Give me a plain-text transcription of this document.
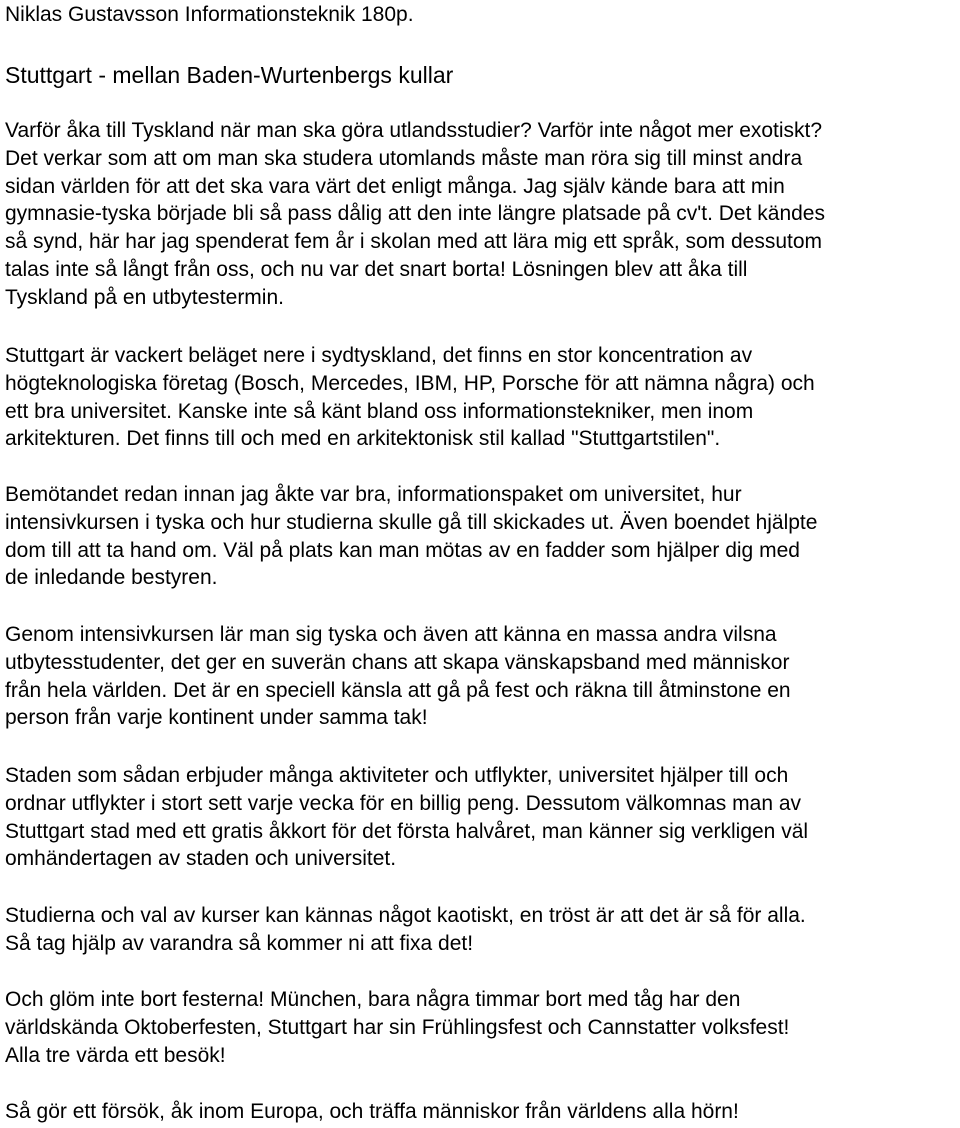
Niklas Gustavsson Informationsteknik 180p.
Stuttgart - mellan Baden-Wurtenbergs kullar
Varför åka till Tyskland när man ska göra utlandsstudier? Varför inte något mer exotiskt?
Det verkar som att om man ska studera utomlands måste man röra sig till minst andra
sidan världen för att det ska vara värt det enligt många. Jag själv kände bara att min
gymnasie-tyska började bli så pass dålig att den inte längre platsade på cv't. Det kändes
så synd, här har jag spenderat fem år i skolan med att lära mig ett språk, som dessutom
talas inte så långt från oss, och nu var det snart borta! Lösningen blev att åka till
Tyskland på en utbytestermin.
Stuttgart är vackert beläget nere i sydtyskland, det finns en stor koncentration av
högteknologiska företag (Bosch, Mercedes, IBM, HP, Porsche för att nämna några) och
ett bra universitet. Kanske inte så känt bland oss informationstekniker, men inom
arkitekturen. Det finns till och med en arkitektonisk stil kallad "Stuttgartstilen".
Bemötandet redan innan jag åkte var bra, informationspaket om universitet, hur
intensivkursen i tyska och hur studierna skulle gå till skickades ut. Även boendet hjälpte
dom till att ta hand om. Väl på plats kan man mötas av en fadder som hjälper dig med
de inledande bestyren.
Genom intensivkursen lär man sig tyska och även att känna en massa andra vilsna
utbytesstudenter, det ger en suverän chans att skapa vänskapsband med människor
från hela världen. Det är en speciell känsla att gå på fest och räkna till åtminstone en
person från varje kontinent under samma tak!
Staden som sådan erbjuder många aktiviteter och utflykter, universitet hjälper till och
ordnar utflykter i stort sett varje vecka för en billig peng. Dessutom välkomnas man av
Stuttgart stad med ett gratis åkkort för det första halvåret, man känner sig verkligen väl
omhändertagen av staden och universitet.
Studierna och val av kurser kan kännas något kaotiskt, en tröst är att det är så för alla.
Så tag hjälp av varandra så kommer ni att fixa det!
Och glöm inte bort festerna! München, bara några timmar bort med tåg har den
världskända Oktoberfesten, Stuttgart har sin Frühlingsfest och Cannstatter volksfest!
Alla tre värda ett besök!
Så gör ett försök, åk inom Europa, och träffa människor från världens alla hörn!
